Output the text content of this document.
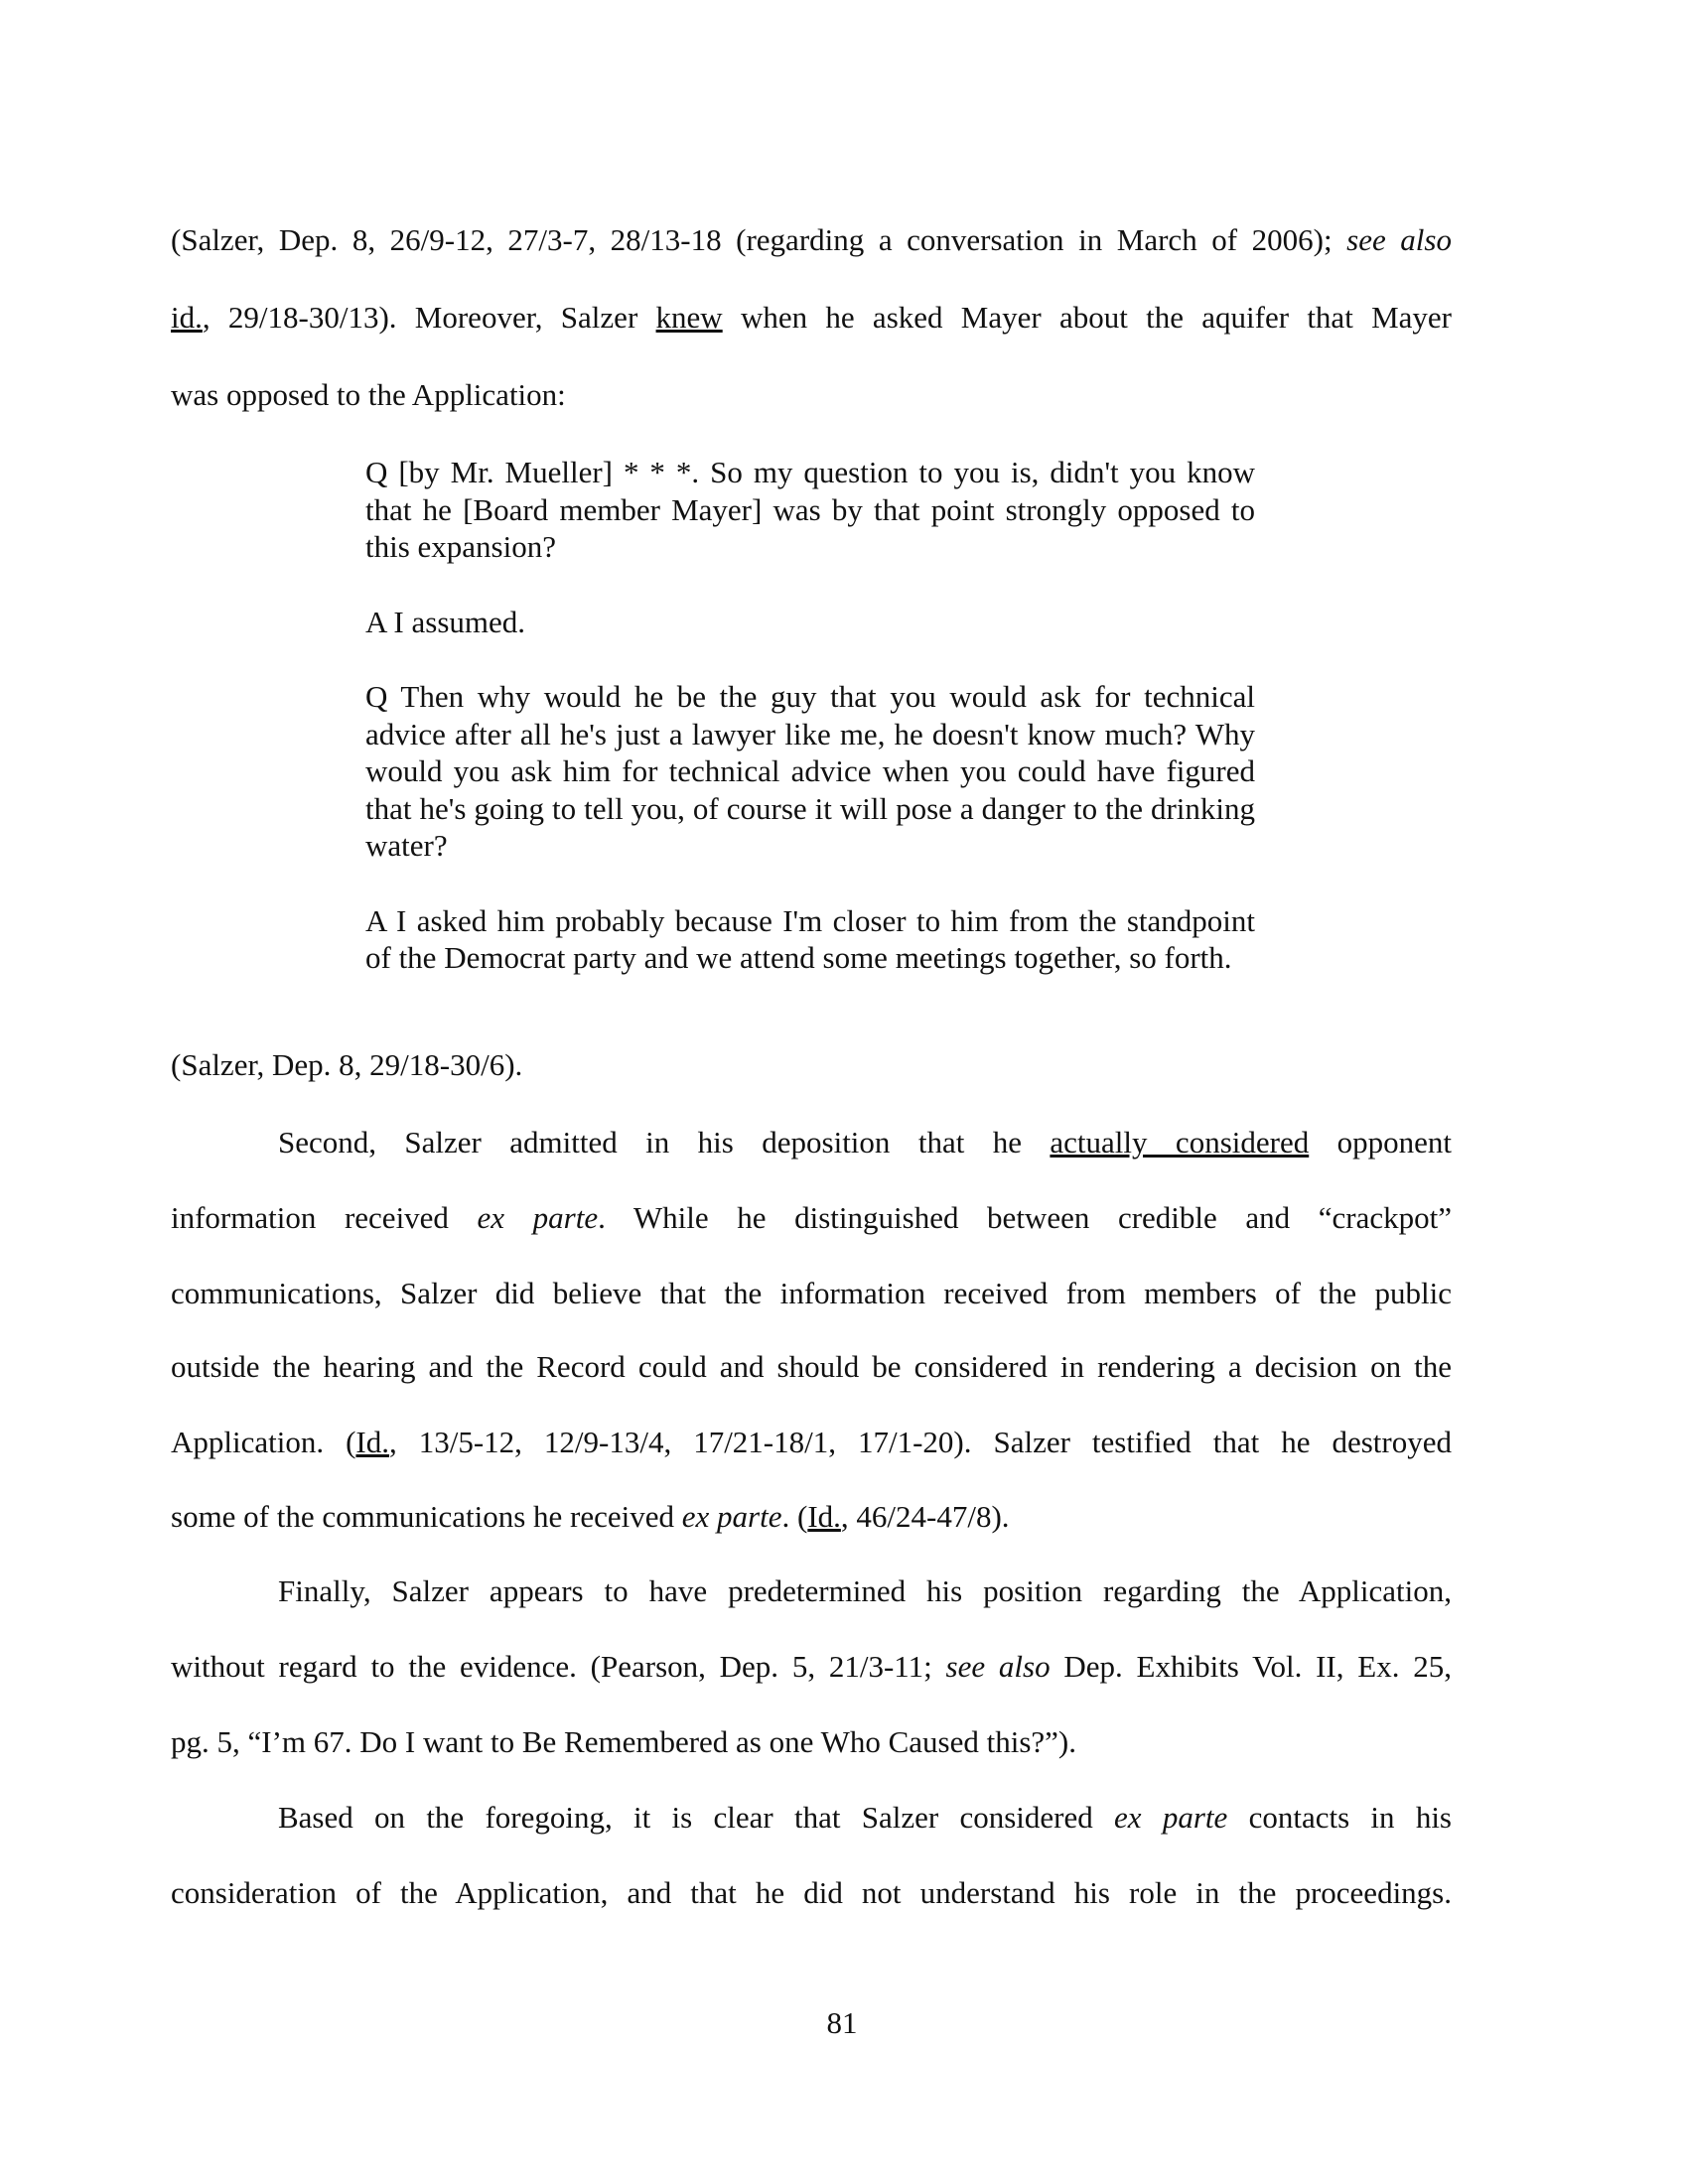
(Salzer, Dep. 8, 26/9-12, 27/3-7, 28/13-18 (regarding a conversation in March of 2006); see also
id., 29/18-30/13). Moreover, Salzer knew when he asked Mayer about the aquifer that Mayer
was opposed to the Application:

Q [by Mr. Mueller] * * *. So my question to you is, didn't you know that he [Board member Mayer] was by that point strongly opposed to this expansion?

A I assumed.

Q Then why would he be the guy that you would ask for technical advice after all he's just a lawyer like me, he doesn't know much? Why would you ask him for technical advice when you could have figured that he's going to tell you, of course it will pose a danger to the drinking water?

A I asked him probably because I'm closer to him from the standpoint of the Democrat party and we attend some meetings together, so forth.

(Salzer, Dep. 8, 29/18-30/6).
Second, Salzer admitted in his deposition that he actually considered opponent
information received ex parte. While he distinguished between credible and “crackpot”
communications, Salzer did believe that the information received from members of the public
outside the hearing and the Record could and should be considered in rendering a decision on the
Application. (Id., 13/5-12, 12/9-13/4, 17/21-18/1, 17/1-20). Salzer testified that he destroyed
some of the communications he received ex parte. (Id., 46/24-47/8).
Finally, Salzer appears to have predetermined his position regarding the Application,
without regard to the evidence. (Pearson, Dep. 5, 21/3-11; see also Dep. Exhibits Vol. II, Ex. 25,
pg. 5, “I’m 67. Do I want to Be Remembered as one Who Caused this?”).
Based on the foregoing, it is clear that Salzer considered ex parte contacts in his
consideration of the Application, and that he did not understand his role in the proceedings.
81
